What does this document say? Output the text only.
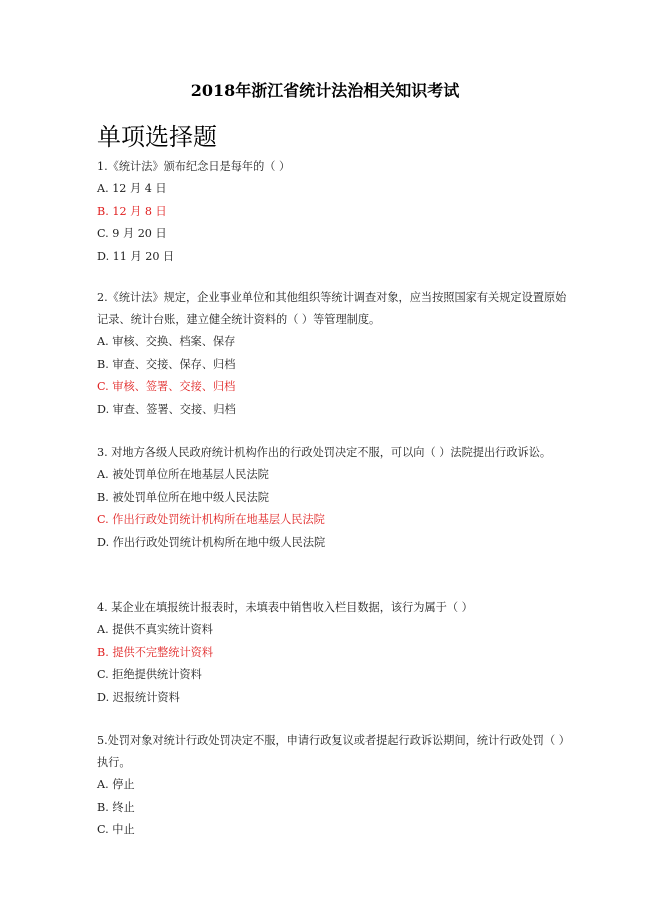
2018年浙江省统计法治相关知识考试
单项选择题

1.《统计法》颁布纪念日是每年的（ ）

A. 12 月 4 日

B. 12 月 8 日

C. 9 月 20 日

D. 11 月 20 日

2.《统计法》规定，企业事业单位和其他组织等统计调查对象，应当按照国家有关规定设置原始记录、统计台账，建立健全统计资料的（ ）等管理制度。

A. 审核、交换、档案、保存

B. 审查、交接、保存、归档

C. 审核、签署、交接、归档

D. 审查、签署、交接、归档

3. 对地方各级人民政府统计机构作出的行政处罚决定不服，可以向（ ）法院提出行政诉讼。

A. 被处罚单位所在地基层人民法院

B. 被处罚单位所在地中级人民法院

C. 作出行政处罚统计机构所在地基层人民法院

D. 作出行政处罚统计机构所在地中级人民法院

4. 某企业在填报统计报表时，未填表中销售收入栏目数据，该行为属于（ ）

A. 提供不真实统计资料

B. 提供不完整统计资料

C. 拒绝提供统计资料

D. 迟报统计资料

5.处罚对象对统计行政处罚决定不服，申请行政复议或者提起行政诉讼期间，统计行政处罚（ ）执行。

A. 停止

B. 终止

C. 中止
